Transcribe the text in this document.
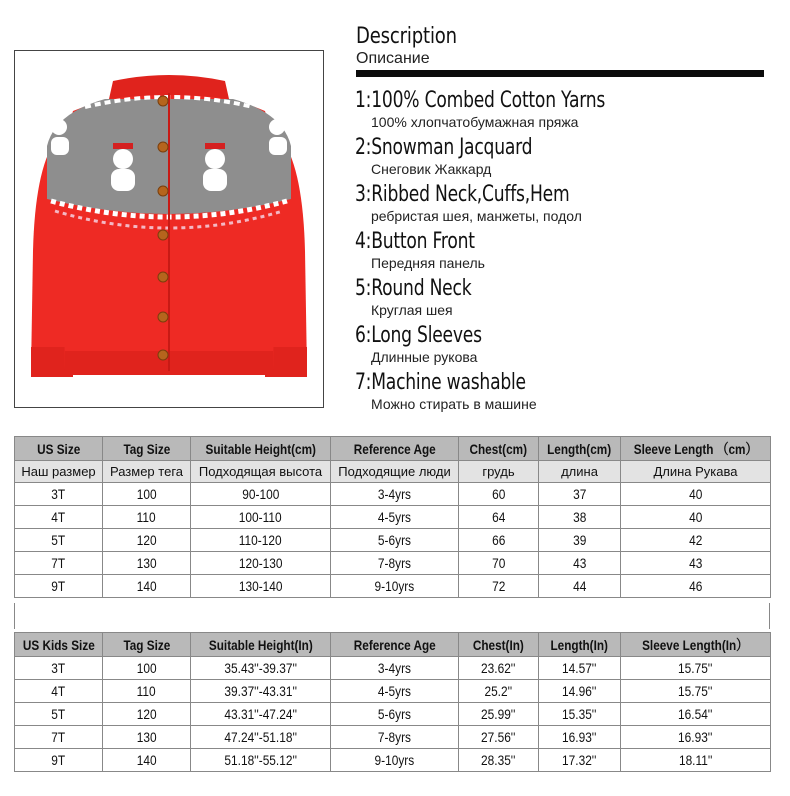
Description
Описание
1:100% Combed Cotton Yarns
100% хлопчатобумажная пряжа
2:Snowman Jacquard
Снеговик Жаккард
3:Ribbed Neck,Cuffs,Hem
ребристая шея, манжеты, подол
4:Button Front
Передняя панель
5:Round Neck
Круглая шея
6:Long Sleeves
Длинные рукова
7:Machine washable
Можно стирать в машине
US Size	Tag Size	Suitable Height(cm)	Reference Age	Chest(cm)	Length(cm)	Sleeve Length （cm）
Наш размер	Размер тега	Подходящая высота	Подходящие люди	грудь	длина	Длина Рукава
3T	100	90-100	3-4yrs	60	37	40
4T	110	100-110	4-5yrs	64	38	40
5T	120	110-120	5-6yrs	66	39	42
7T	130	120-130	7-8yrs	70	43	43
9T	140	130-140	9-10yrs	72	44	46
US Kids Size	Tag Size	Suitable Height(In)	Reference Age	Chest(In)	Length(In)	Sleeve Length(In）
3T	100	35.43''-39.37''	3-4yrs	23.62''	14.57''	15.75''
4T	110	39.37''-43.31''	4-5yrs	25.2''	14.96''	15.75''
5T	120	43.31''-47.24''	5-6yrs	25.99''	15.35''	16.54''
7T	130	47.24''-51.18''	7-8yrs	27.56''	16.93''	16.93''
9T	140	51.18''-55.12''	9-10yrs	28.35''	17.32''	18.11''
